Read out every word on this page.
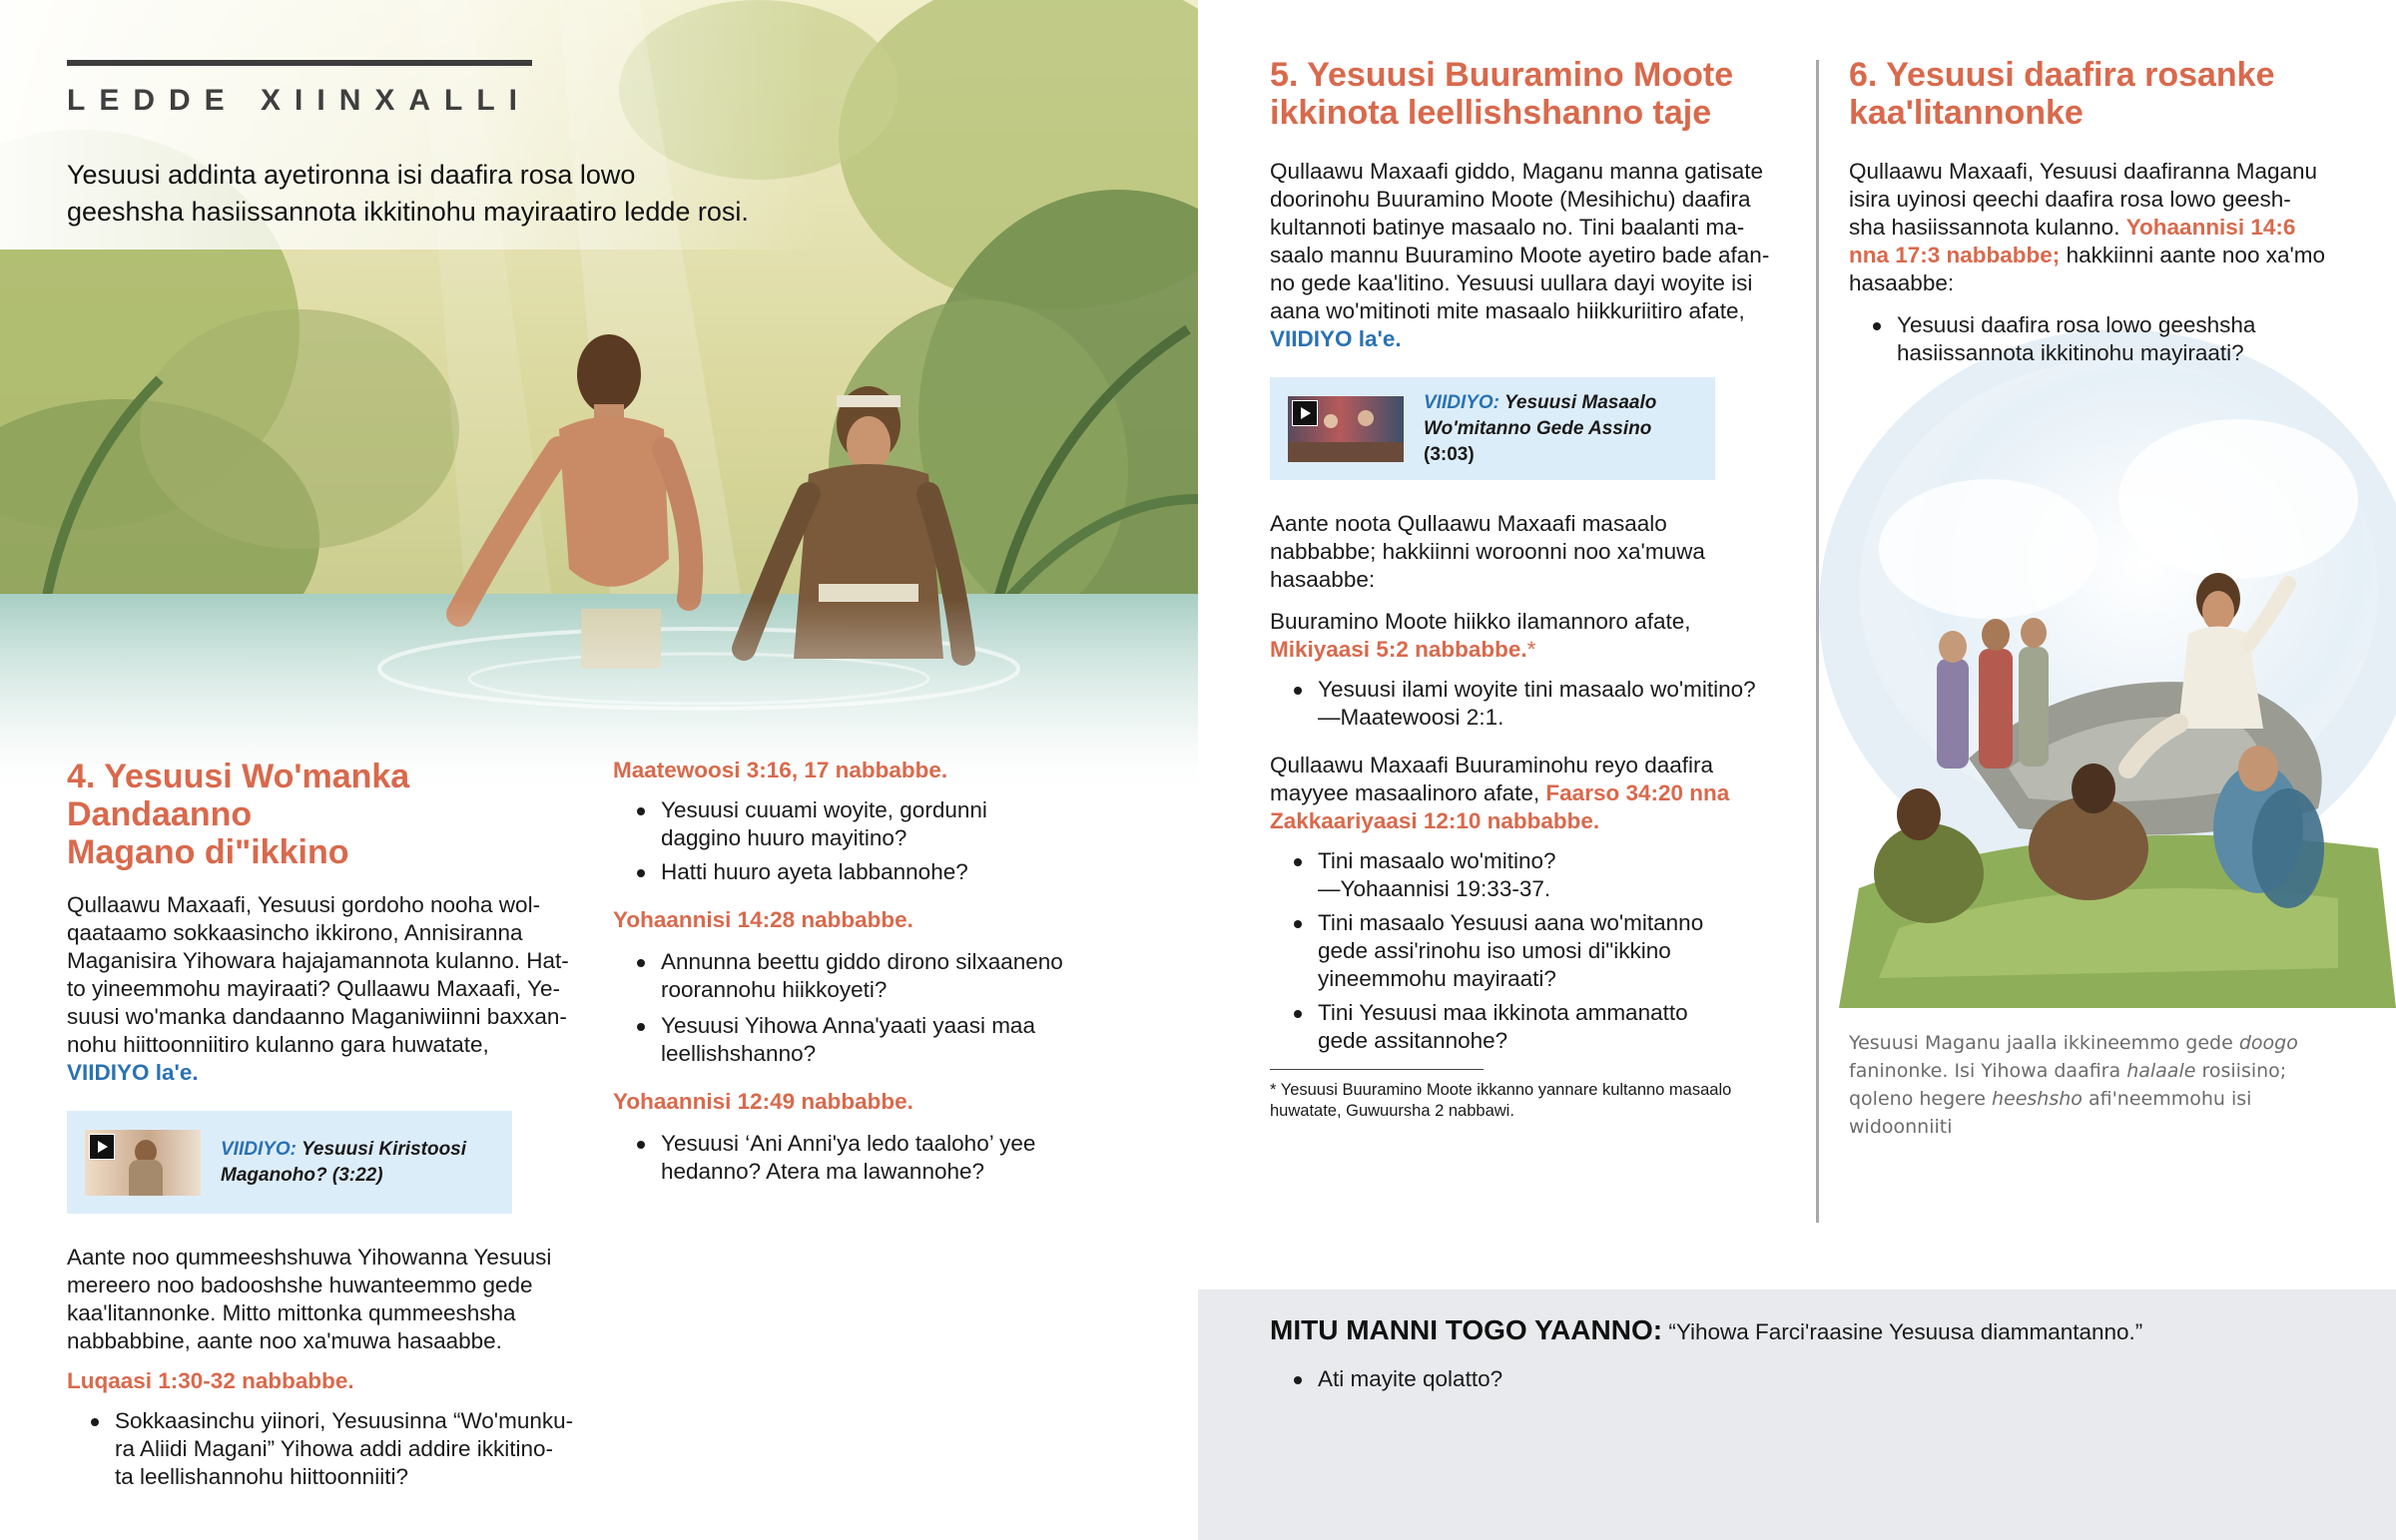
LEDDE XIINXALLI
Yesuusi addinta ayetironna isi daafira rosa lowo
geeshsha hasiissannota ikkitinohu mayiraatiro ledde rosi.
4. Yesuusi Wo'manka Dandaanno
Magano di"ikkino
Qullaawu Maxaafi, Yesuusi gordoho nooha wol-
qaataamo sokkaasincho ikkirono, Annisiranna
Maganisira Yihowara hajajamannota kulanno. Hat-
to yineemmohu mayiraati? Qullaawu Maxaafi, Ye-
suusi wo'manka dandaanno Maganiwiinni baxxan-
nohu hiittoonniitiro kulanno gara huwatate,
VIIDIYO la'e.
VIIDIYO: Yesuusi Kiristoosi
Maganoho? (3:22)
Aante noo qummeeshshuwa Yihowanna Yesuusi
mereero noo badooshshe huwanteemmo gede
kaa'litannonke. Mitto mittonka qummeeshsha
nabbabbine, aante noo xa'muwa hasaabbe.
Luqaasi 1:30-32 nabbabbe.
Sokkaasinchu yiinori, Yesuusinna “Wo'munku-
ra Aliidi Magani” Yihowa addi addire ikkitino-
ta leellishannohu hiittoonniiti?
Maatewoosi 3:16, 17 nabbabbe.
Yesuusi cuuami woyite, gordunni
daggino huuro mayitino?
Hatti huuro ayeta labbannohe?
Yohaannisi 14:28 nabbabbe.
Annunna beettu giddo dirono silxaaneno
roorannohu hiikkoyeti?
Yesuusi Yihowa Anna'yaati yaasi maa
leellishshanno?
Yohaannisi 12:49 nabbabbe.
Yesuusi ‘Ani Anni'ya ledo taaloho’ yee
hedanno? Atera ma lawannohe?
5. Yesuusi Buuramino Moote
ikkinota leellishshanno taje
Qullaawu Maxaafi giddo, Maganu manna gatisate
doorinohu Buuramino Moote (Mesihichu) daafira
kultannoti batinye masaalo no. Tini baalanti ma-
saalo mannu Buuramino Moote ayetiro bade afan-
no gede kaa'litino. Yesuusi uullara dayi woyite isi
aana wo'mitinoti mite masaalo hiikkuriitiro afate,
VIIDIYO la'e.
VIIDIYO: Yesuusi Masaalo
Wo'mitanno Gede Assino
(3:03)
Aante noota Qullaawu Maxaafi masaalo
nabbabbe; hakkiinni woroonni noo xa'muwa
hasaabbe:
Buuramino Moote hiikko ilamannoro afate,
Mikiyaasi 5:2 nabbabbe.*
Yesuusi ilami woyite tini masaalo wo'mitino?
—Maatewoosi 2:1.
Qullaawu Maxaafi Buuraminohu reyo daafira
mayyee masaalinoro afate, Faarso 34:20 nna
Zakkaariyaasi 12:10 nabbabbe.
Tini masaalo wo'mitino?
—Yohaannisi 19:33-37.
Tini masaalo Yesuusi aana wo'mitanno
gede assi'rinohu iso umosi di"ikkino
yineemmohu mayiraati?
Tini Yesuusi maa ikkinota ammanatto
gede assitannohe?
* Yesuusi Buuramino Moote ikkanno yannare kultanno masaalo
huwatate, Guwuursha 2 nabbawi.
6. Yesuusi daafira rosanke
kaa'litannonke
Qullaawu Maxaafi, Yesuusi daafiranna Maganu
isira uyinosi qeechi daafira rosa lowo geesh-
sha hasiissannota kulanno. Yohaannisi 14:6
nna 17:3 nabbabbe; hakkiinni aante noo xa'mo
hasaabbe:
Yesuusi daafira rosa lowo geeshsha
hasiissannota ikkitinohu mayiraati?
Yesuusi Maganu jaalla ikkineemmo gede doogo
faninonke. Isi Yihowa daafira halaale rosiisino;
qoleno hegere heeshsho afi'neemmohu isi
widoonniiti
MITU MANNI TOGO YAANNO: “Yihowa Farci'raasine Yesuusa diammantanno.”
Ati mayite qolatto?
